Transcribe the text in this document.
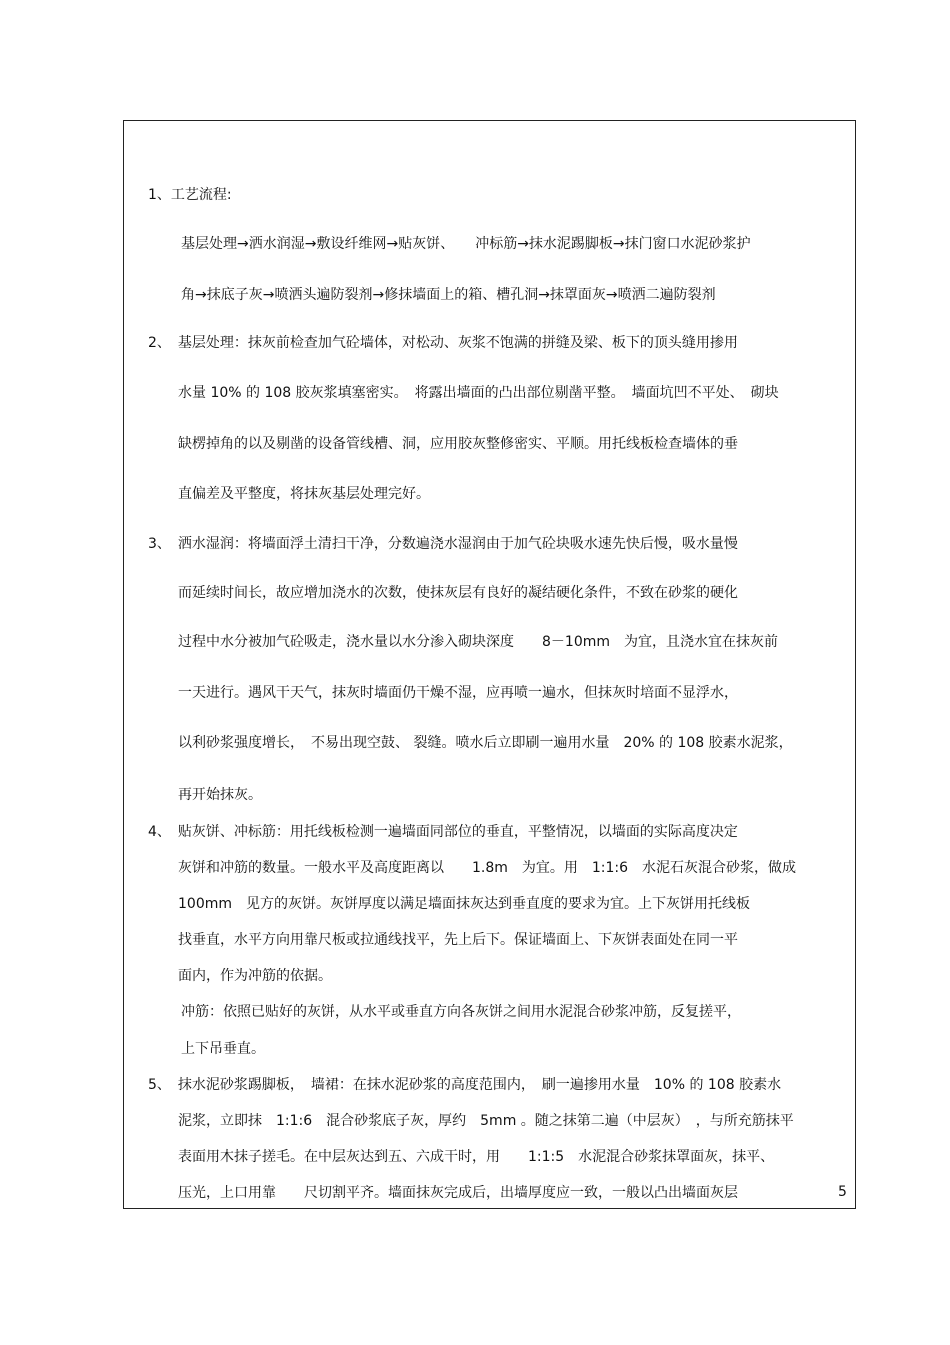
1、工艺流程:
基层处理→洒水润湿→敷设纤维网→贴灰饼、　　冲标筋→抹水泥踢脚板→抹门窗口水泥砂浆护
角→抹底子灰→喷洒头遍防裂剂→修抹墙面上的箱、槽孔洞→抹罩面灰→喷洒二遍防裂剂
2、　基层处理：抹灰前检查加气砼墙体，对松动、灰浆不饱满的拼缝及梁、板下的顶头缝用掺用
水量 10% 的 108 胶灰浆填塞密实。　将露出墙面的凸出部位剔凿平整。　墙面坑凹不平处、　砌块
缺楞掉角的以及剔凿的设备管线槽、洞，应用胶灰整修密实、平顺。用托线板检查墙体的垂
直偏差及平整度，将抹灰基层处理完好。
3、　洒水湿润：将墙面浮土清扫干净，分数遍浇水湿润由于加气砼块吸水速先快后慢，吸水量慢
而延续时间长，故应增加浇水的次数，使抹灰层有良好的凝结硬化条件，不致在砂浆的硬化
过程中水分被加气砼吸走，浇水量以水分渗入砌块深度　　8－10mm　为宜，且浇水宜在抹灰前
一天进行。遇风干天气，抹灰时墙面仍干燥不湿，应再喷一遍水，但抹灰时培面不显浮水，
以利砂浆强度增长，　不易出现空鼓、 裂缝。喷水后立即刷一遍用水量　20% 的 108 胶素水泥浆，
再开始抹灰。
4、　贴灰饼、冲标筋：用托线板检测一遍墙面同部位的垂直，平整情况，以墙面的实际高度决定
灰饼和冲筋的数量。一般水平及高度距离以　　1.8m　为宜。用　1:1:6　水泥石灰混合砂浆，做成
100mm　见方的灰饼。灰饼厚度以满足墙面抹灰达到垂直度的要求为宜。上下灰饼用托线板
找垂直，水平方向用靠尺板或拉通线找平，先上后下。保证墙面上、下灰饼表面处在同一平
面内，作为冲筋的依据。
冲筋：依照已贴好的灰饼，从水平或垂直方向各灰饼之间用水泥混合砂浆冲筋，反复搓平，
上下吊垂直。
5、　抹水泥砂浆踢脚板，　墙裙：在抹水泥砂浆的高度范围内，　刷一遍掺用水量　10% 的 108 胶素水
泥浆，立即抹　1:1:6　混合砂浆底子灰，厚约　5mm 。随之抹第二遍（中层灰）　，与所充筋抹平
表面用木抹子搓毛。在中层灰达到五、六成干时，用　　1:1:5　水泥混合砂浆抹罩面灰，抹平、
压光，上口用靠　　尺切割平齐。墙面抹灰完成后，出墙厚度应一致，一般以凸出墙面灰层	5
